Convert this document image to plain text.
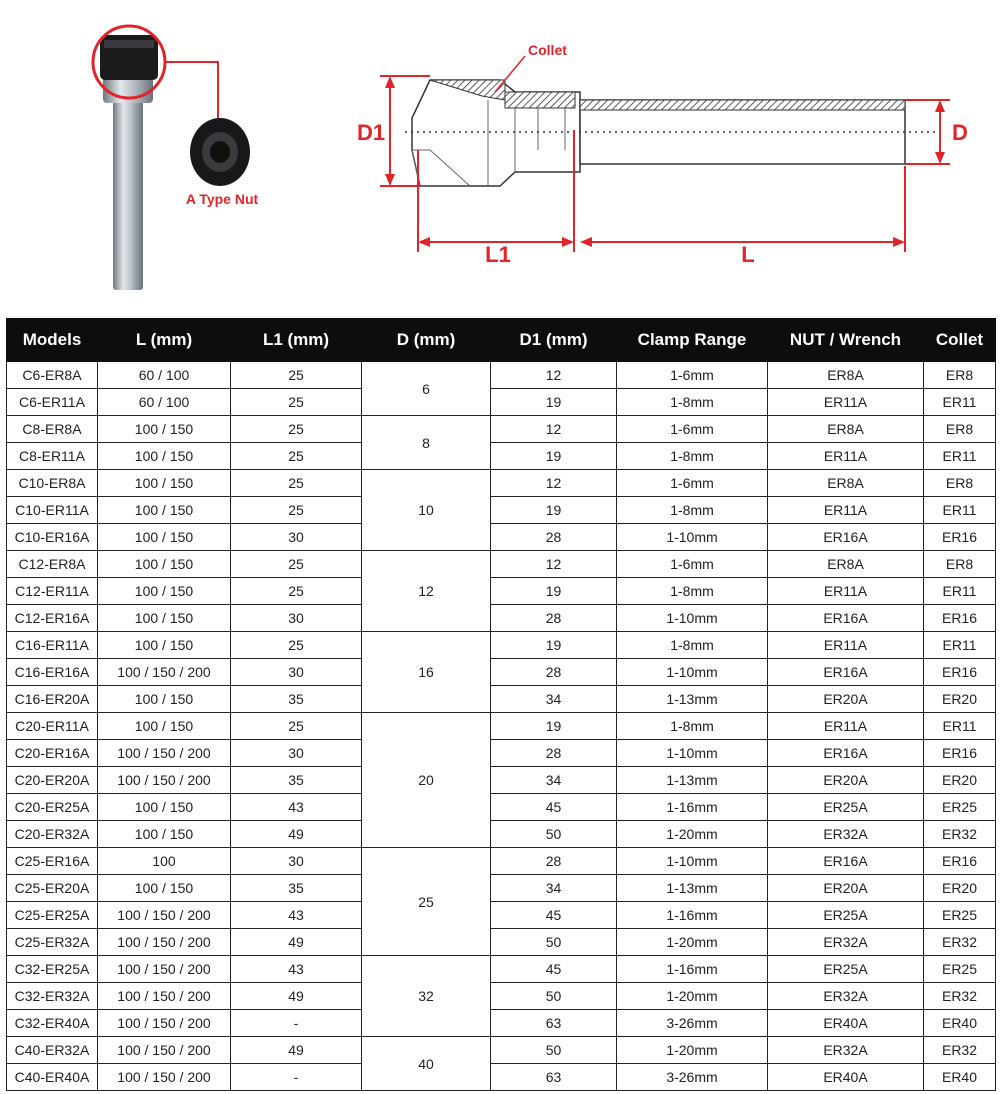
A Type Nut
Collet
D1	D
L1	L
Models	L (mm)	L1 (mm)	D (mm)	D1 (mm)	Clamp Range	NUT / Wrench	Collet
C6-ER8A	60 / 100	25	6	12	1-6mm	ER8A	ER8
C6-ER11A	60 / 100	25		19	1-8mm	ER11A	ER11
C8-ER8A	100 / 150	25	8	12	1-6mm	ER8A	ER8
C8-ER11A	100 / 150	25		19	1-8mm	ER11A	ER11
C10-ER8A	100 / 150	25	10	12	1-6mm	ER8A	ER8
C10-ER11A	100 / 150	25		19	1-8mm	ER11A	ER11
C10-ER16A	100 / 150	30		28	1-10mm	ER16A	ER16
C12-ER8A	100 / 150	25	12	12	1-6mm	ER8A	ER8
C12-ER11A	100 / 150	25		19	1-8mm	ER11A	ER11
C12-ER16A	100 / 150	30		28	1-10mm	ER16A	ER16
C16-ER11A	100 / 150	25	16	19	1-8mm	ER11A	ER11
C16-ER16A	100 / 150 / 200	30		28	1-10mm	ER16A	ER16
C16-ER20A	100 / 150	35		34	1-13mm	ER20A	ER20
C20-ER11A	100 / 150	25	20	19	1-8mm	ER11A	ER11
C20-ER16A	100 / 150 / 200	30		28	1-10mm	ER16A	ER16
C20-ER20A	100 / 150 / 200	35		34	1-13mm	ER20A	ER20
C20-ER25A	100 / 150	43		45	1-16mm	ER25A	ER25
C20-ER32A	100 / 150	49		50	1-20mm	ER32A	ER32
C25-ER16A	100	30	25	28	1-10mm	ER16A	ER16
C25-ER20A	100 / 150	35		34	1-13mm	ER20A	ER20
C25-ER25A	100 / 150 / 200	43		45	1-16mm	ER25A	ER25
C25-ER32A	100 / 150 / 200	49		50	1-20mm	ER32A	ER32
C32-ER25A	100 / 150 / 200	43	32	45	1-16mm	ER25A	ER25
C32-ER32A	100 / 150 / 200	49		50	1-20mm	ER32A	ER32
C32-ER40A	100 / 150 / 200	-		63	3-26mm	ER40A	ER40
C40-ER32A	100 / 150 / 200	49	40	50	1-20mm	ER32A	ER32
C40-ER40A	100 / 150 / 200	-		63	3-26mm	ER40A	ER40
